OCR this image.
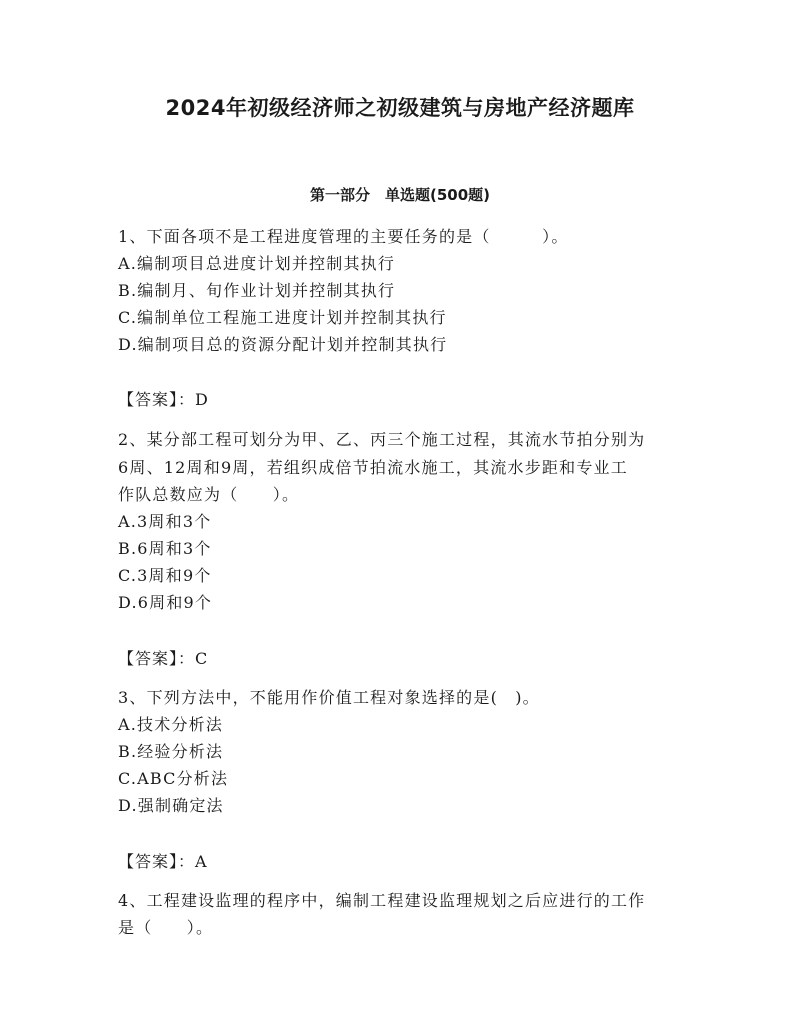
2024年初级经济师之初级建筑与房地产经济题库
第一部分　单选题(500题)
1、下面各项不是工程进度管理的主要任务的是（　　　）。
A.编制项目总进度计划并控制其执行
B.编制月、旬作业计划并控制其执行
C.编制单位工程施工进度计划并控制其执行
D.编制项目总的资源分配计划并控制其执行
【答案】：D
2、某分部工程可划分为甲、乙、丙三个施工过程，其流水节拍分别为
6周、12周和9周，若组织成倍节拍流水施工，其流水步距和专业工
作队总数应为（　　）。
A.3周和3个
B.6周和3个
C.3周和9个
D.6周和9个
【答案】：C
3、下列方法中，不能用作价值工程对象选择的是(　)。
A.技术分析法
B.经验分析法
C.ABC分析法
D.强制确定法
【答案】：A
4、工程建设监理的程序中，编制工程建设监理规划之后应进行的工作
是（　　）。
